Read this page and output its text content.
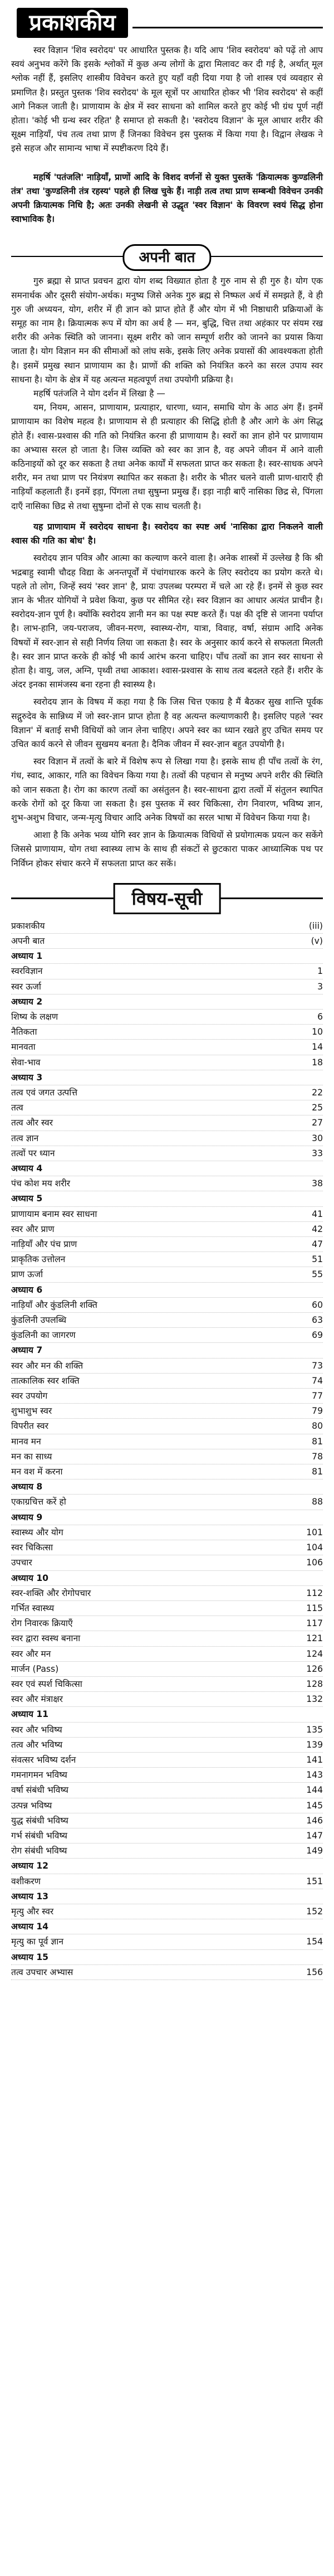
प्रकाशकीय

स्वर विज्ञान 'शिव स्वरोदय' पर आधारित पुस्तक है। यदि आप 'शिव स्वरोदय' को पढ़ें तो आप स्वयं अनुभव करेंगे कि इसके श्लोकों में कुछ अन्य लोगों के द्वारा मिलावट कर दी गई है, अर्थात् मूल श्लोक नहीं हैं, इसलिए शास्त्रीय विवेचन करते हुए यहाँ वही दिया गया है जो शास्त्र एवं व्यवहार से प्रमाणित है। प्रस्तुत पुस्तक 'शिव स्वरोदय' के मूल सूत्रों पर आधारित होकर भी 'शिव स्वरोदय' से कहीं आगे निकल जाती है। प्राणायाम के क्षेत्र में स्वर साधना को शामिल करते हुए कोई भी ग्रंथ पूर्ण नहीं होता। 'कोई भी ग्रन्थ स्वर रहित' है समाप्त हो सकती है। 'स्वरोदय विज्ञान' के मूल आधार शरीर की सूक्ष्म नाड़ियाँ, पंच तत्व तथा प्राण हैं जिनका विवेचन इस पुस्तक में किया गया है। विद्वान लेखक ने इसे सहज और सामान्य भाषा में स्पष्टीकरण दिये हैं।

महर्षि 'पतंजलि' नाड़ियाँ, प्राणों आदि के विशद वर्णनों से युक्त पुस्तकें 'क्रियात्मक कुण्डलिनी तंत्र' तथा 'कुण्डलिनी तंत्र रहस्य' पहले ही लिख चुके हैं। नाड़ी तत्व तथा प्राण सम्बन्धी विवेचन उनकी अपनी क्रियात्मक निधि है; अतः उनकी लेखनी से उद्धृत 'स्वर विज्ञान' के विवरण स्वयं सिद्ध होना स्वाभाविक है।

अपनी बात

गुरु ब्रह्मा से प्राप्त प्रवचन द्वारा योग शब्द विख्यात होता है गुरु नाम से ही गुरु है। योग एक समनार्थक और दूसरी संयोग-अर्थक। मनुष्य जिसे अनेक गुरु ब्रह्म से निष्फल अर्थ में समझते हैं, वे ही गुरु जी अध्ययन, योग, शरीर में ही ज्ञान को प्राप्त होते हैं और योग में भी निष्ठाधारी प्रक्रियाओं के समूह का नाम है। क्रियात्मक रूप में योग का अर्थ है — मन, बुद्धि, चित्त तथा अहंकार पर संयम रख शरीर की अनेक स्थिति को जानना। सूक्ष्म शरीर को जान सम्पूर्ण शरीर को जानने का प्रयास किया जाता है। योग विज्ञान मन की सीमाओं को लांघ सके, इसके लिए अनेक प्रयासों की आवश्यकता होती है। इसमें प्रमुख स्थान प्राणायाम का है। प्राणों की शक्ति को नियंत्रित करने का सरल उपाय स्वर साधना है। योग के क्षेत्र में यह अत्यन्त महत्वपूर्ण तथा उपयोगी प्रक्रिया है।

महर्षि पतंजलि ने योग दर्शन में लिखा है —

यम, नियम, आसन, प्राणायाम, प्रत्याहार, धारणा, ध्यान, समाधि योग के आठ अंग हैं। इनमें प्राणायाम का विशेष महत्व है। प्राणायाम से ही प्रत्याहार की सिद्धि होती है और आगे के अंग सिद्ध होते हैं। श्वास-प्रश्वास की गति को नियंत्रित करना ही प्राणायाम है। स्वरों का ज्ञान होने पर प्राणायाम का अभ्यास सरल हो जाता है। जिस व्यक्ति को स्वर का ज्ञान है, वह अपने जीवन में आने वाली कठिनाइयों को दूर कर सकता है तथा अनेक कार्यों में सफलता प्राप्त कर सकता है। स्वर-साधक अपने शरीर, मन तथा प्राण पर नियंत्रण स्थापित कर सकता है। शरीर के भीतर चलने वाली प्राण-धाराएँ ही नाड़ियाँ कहलाती हैं। इनमें इड़ा, पिंगला तथा सुषुम्ना प्रमुख हैं। इड़ा नाड़ी बाएँ नासिका छिद्र से, पिंगला दाएँ नासिका छिद्र से तथा सुषुम्ना दोनों से एक साथ चलती है।

यह प्राणायाम में स्वरोदय साधना है। स्वरोदय का स्पष्ट अर्थ 'नासिका द्वारा निकलने वाली श्वास की गति का बोध' है।

स्वरोदय ज्ञान पवित्र और आत्मा का कल्याण करने वाला है। अनेक शास्त्रों में उल्लेख है कि श्री भद्रबाहु स्वामी चौदह विद्या के अनन्तपूर्वों में पंचांगधारक करने के लिए स्वरोदय का प्रयोग करते थे। पहले तो लोग, जिन्हें स्वयं 'स्वर ज्ञान' है, प्रायः उपलब्ध परम्परा में चले आ रहे हैं। इनमें से कुछ स्वर ज्ञान के भीतर योगियों ने प्रवेश किया, कुछ पर सीमित रहे। स्वर विज्ञान का आधार अत्यंत प्राचीन है। स्वरोदय-ज्ञान पूर्ण है। क्योंकि स्वरोदय ज्ञानी मन का पक्ष स्पष्ट करते हैं। पक्ष की दृष्टि से जानना पर्याप्त है। लाभ-हानि, जय-पराजय, जीवन-मरण, स्वास्थ्य-रोग, यात्रा, विवाह, वर्षा, संग्राम आदि अनेक विषयों में स्वर-ज्ञान से सही निर्णय लिया जा सकता है। स्वर के अनुसार कार्य करने से सफलता मिलती है। स्वर ज्ञान प्राप्त करके ही कोई भी कार्य आरंभ करना चाहिए। पाँच तत्वों का ज्ञान स्वर साधना से होता है। वायु, जल, अग्नि, पृथ्वी तथा आकाश। श्वास-प्रश्वास के साथ तत्व बदलते रहते हैं। शरीर के अंदर इनका सामंजस्य बना रहना ही स्वास्थ्य है।

स्वरोदय ज्ञान के विषय में कहा गया है कि जिस चित्त एकाग्र है मैं बैठकर सुख शान्ति पूर्वक सद्गुरुदेव के सान्निध्य में जो स्वर-ज्ञान प्राप्त होता है वह अत्यन्त कल्याणकारी है। इसलिए पहले 'स्वर विज्ञान' में बताई सभी विधियों को जान लेना चाहिए। अपने स्वर का ध्यान रखते हुए उचित समय पर उचित कार्य करने से जीवन सुखमय बनता है। दैनिक जीवन में स्वर-ज्ञान बहुत उपयोगी है।

स्वर विज्ञान में तत्वों के बारे में विशेष रूप से लिखा गया है। इसके साथ ही पाँच तत्वों के रंग, गंध, स्वाद, आकार, गति का विवेचन किया गया है। तत्वों की पहचान से मनुष्य अपने शरीर की स्थिति को जान सकता है। रोग का कारण तत्वों का असंतुलन है। स्वर-साधना द्वारा तत्वों में संतुलन स्थापित करके रोगों को दूर किया जा सकता है। इस पुस्तक में स्वर चिकित्सा, रोग निवारण, भविष्य ज्ञान, शुभ-अशुभ विचार, जन्म-मृत्यु विचार आदि अनेक विषयों का सरल भाषा में विवेचन किया गया है।

आशा है कि अनेक भव्य योगि स्वर ज्ञान के क्रियात्मक विधियों से प्रयोगात्मक प्रयत्न कर सकेंगे जिससे प्राणायाम, योग तथा स्वास्थ्य लाभ के साथ ही संकटों से छुटकारा पाकर आध्यात्मिक पथ पर निर्विघ्न होकर संचार करने में सफलता प्राप्त कर सकें।

विषय-सूची
प्रकाशकीय	(iii)
अपनी बात	(v)
अध्याय 1
स्वरविज्ञान	1
स्वर ऊर्जा	3
अध्याय 2
शिष्य के लक्षण	6
नैतिकता	10
मानवता	14
सेवा-भाव	18
अध्याय 3
तत्व एवं जगत उत्पत्ति	22
तत्व	25
तत्व और स्वर	27
तत्व ज्ञान	30
तत्वों पर ध्यान	33
अध्याय 4
पंच कोश मय शरीर	38
अध्याय 5
प्राणायाम बनाम स्वर साधना	41
स्वर और प्राण	42
नाड़ियाँ और पंच प्राण	47
प्राकृतिक उत्तोलन	51
प्राण ऊर्जा	55
अध्याय 6
नाड़ियाँ और कुंडलिनी शक्ति	60
कुंडलिनी उपलब्धि	63
कुंडलिनी का जागरण	69
अध्याय 7
स्वर और मन की शक्ति	73
तात्कालिक स्वर शक्ति	74
स्वर उपयोग	77
शुभाशुभ स्वर	79
विपरीत स्वर	80
मानव मन	81
मन का साध्य	78
मन वश में करना	81
अध्याय 8
एकाग्रचित्त करें हो	88
अध्याय 9
स्वास्थ्य और योग	101
स्वर चिकित्सा	104
उपचार	106
अध्याय 10
स्वर-शक्ति और रोगोपचार	112
गर्भित स्वास्थ्य	115
रोग निवारक क्रियाएँ	117
स्वर द्वारा स्वस्थ बनाना	121
स्वर और मन	124
मार्जन (Pass)	126
स्वर एवं स्पर्श चिकित्सा	128
स्वर और मंत्राक्षर	132
अध्याय 11
स्वर और भविष्य	135
तत्व और भविष्य	139
संवत्सर भविष्य दर्शन	141
गमनागमन भविष्य	143
वर्षा संबंधी भविष्य	144
उत्पन्न भविष्य	145
युद्ध संबंधी भविष्य	146
गर्भ संबंधी भविष्य	147
रोग संबंधी भविष्य	149
अध्याय 12
वशीकरण	151
अध्याय 13
मृत्यु और स्वर	152
अध्याय 14
मृत्यु का पूर्व ज्ञान	154
अध्याय 15
तत्व उपचार अभ्यास	156
